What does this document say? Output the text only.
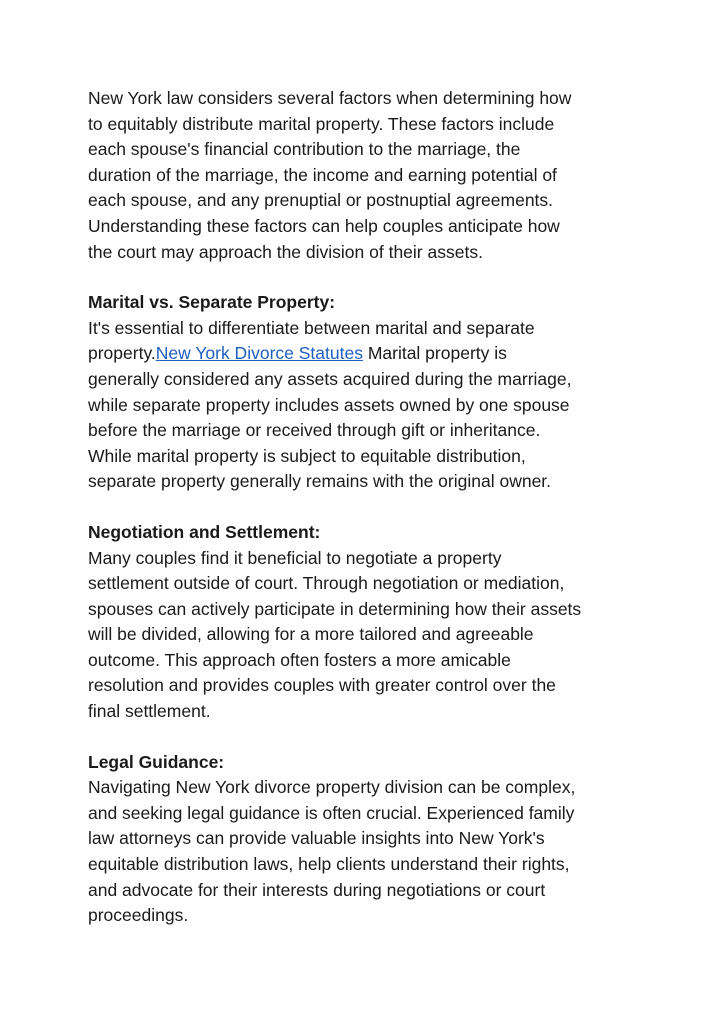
New York law considers several factors when determining how
to equitably distribute marital property. These factors include
each spouse's financial contribution to the marriage, the
duration of the marriage, the income and earning potential of
each spouse, and any prenuptial or postnuptial agreements.
Understanding these factors can help couples anticipate how
the court may approach the division of their assets.
Marital vs. Separate Property:
It's essential to differentiate between marital and separate
property.New York Divorce Statutes Marital property is
generally considered any assets acquired during the marriage,
while separate property includes assets owned by one spouse
before the marriage or received through gift or inheritance.
While marital property is subject to equitable distribution,
separate property generally remains with the original owner.
Negotiation and Settlement:
Many couples find it beneficial to negotiate a property
settlement outside of court. Through negotiation or mediation,
spouses can actively participate in determining how their assets
will be divided, allowing for a more tailored and agreeable
outcome. This approach often fosters a more amicable
resolution and provides couples with greater control over the
final settlement.
Legal Guidance:
Navigating New York divorce property division can be complex,
and seeking legal guidance is often crucial. Experienced family
law attorneys can provide valuable insights into New York's
equitable distribution laws, help clients understand their rights,
and advocate for their interests during negotiations or court
proceedings.
